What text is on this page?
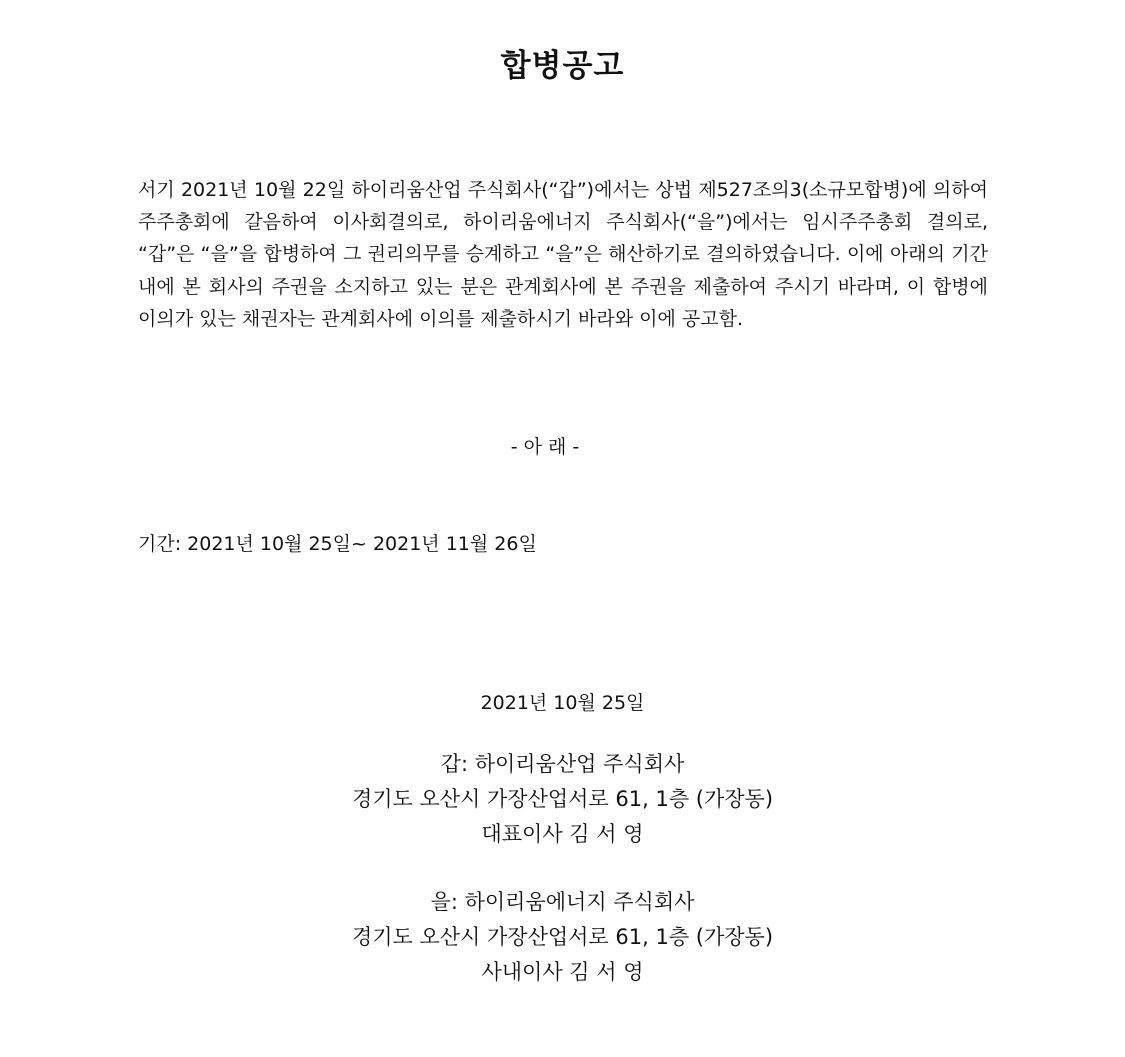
합병공고
서기 2021년 10월 22일 하이리움산업 주식회사(“갑”)에서는 상법 제527조의3(소규모합병)에 의하여 주주총회에 갈음하여 이사회결의로, 하이리움에너지 주식회사(“을”)에서는 임시주주총회 결의로, “갑”은 “을”을 합병하여 그 권리의무를 승계하고 “을”은 해산하기로 결의하였습니다. 이에 아래의 기간 내에 본 회사의 주권을 소지하고 있는 분은 관계회사에 본 주권을 제출하여 주시기 바라며, 이 합병에 이의가 있는 채권자는 관계회사에 이의를 제출하시기 바라와 이에 공고함.
- 아 래 -
기간: 2021년 10월 25일~ 2021년 11월 26일
2021년 10월 25일
갑: 하이리움산업 주식회사
경기도 오산시 가장산업서로 61, 1층 (가장동)
대표이사 김 서 영
을: 하이리움에너지 주식회사
경기도 오산시 가장산업서로 61, 1층 (가장동)
사내이사 김 서 영
